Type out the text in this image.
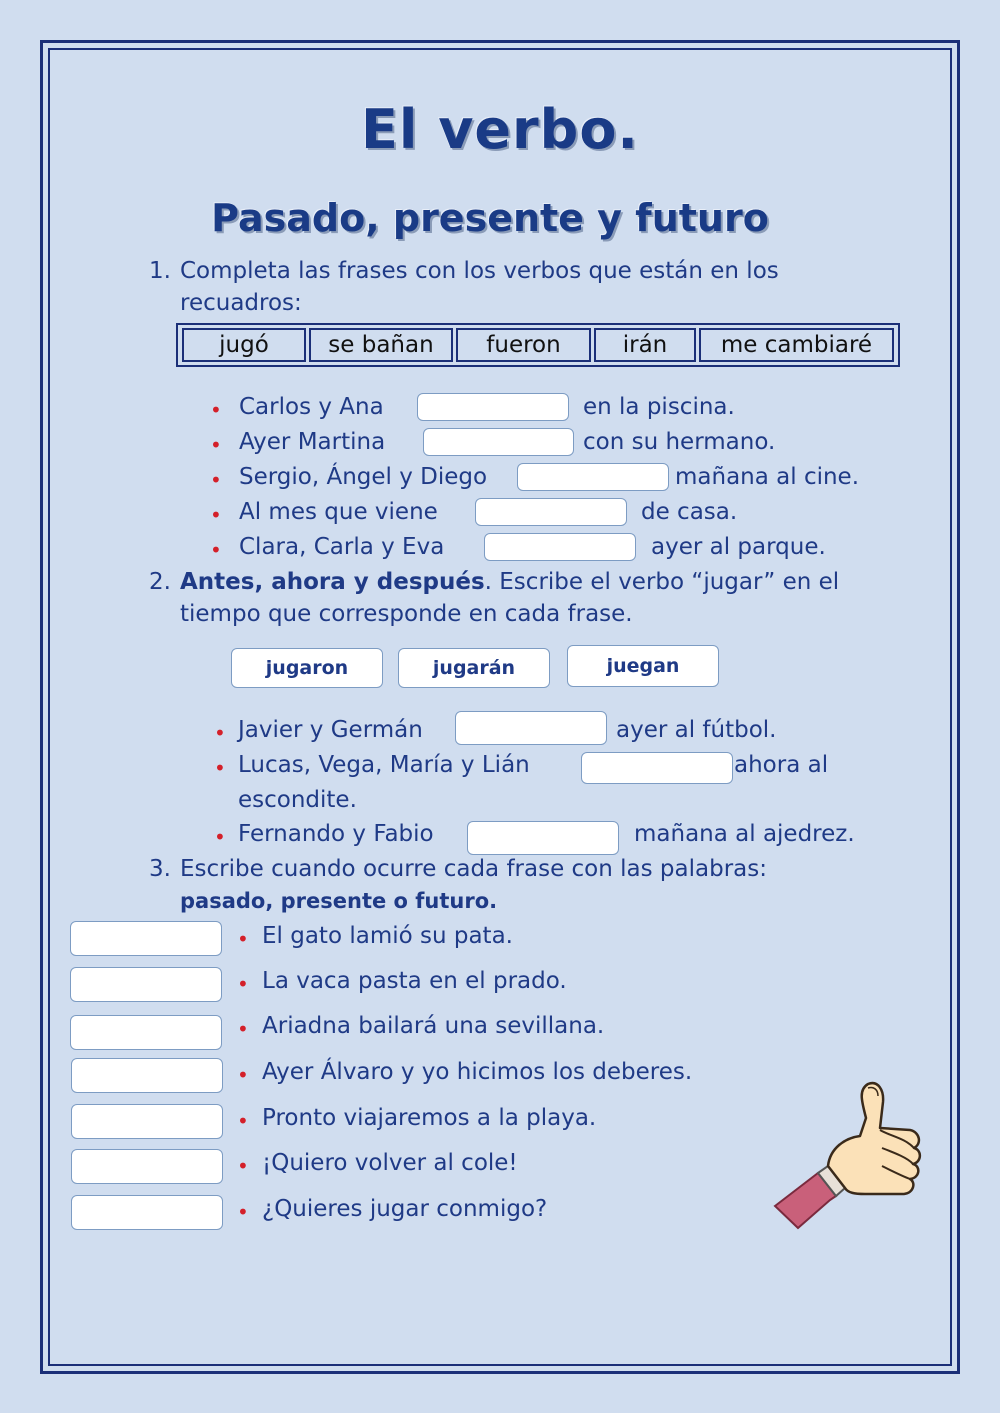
El verbo.
Pasado, presente y futuro
1. Completa las frases con los verbos que están en los
recuadros:
jugó	se bañan	fueron	irán	me cambiaré
• Carlos y Ana	en la piscina.
• Ayer Martina	con su hermano.
• Sergio, Ángel y Diego	mañana al cine.
• Al mes que viene	de casa.
• Clara, Carla y Eva	ayer al parque.
2. Antes, ahora y después. Escribe el verbo “jugar” en el
tiempo que corresponde en cada frase.
jugaron	jugarán	juegan
• Javier y Germán	ayer al fútbol.
• Lucas, Vega, María y Lián	ahora al
escondite.
• Fernando y Fabio	mañana al ajedrez.
3. Escribe cuando ocurre cada frase con las palabras:
pasado, presente o futuro.
• El gato lamió su pata.
• La vaca pasta en el prado.
• Ariadna bailará una sevillana.
• Ayer Álvaro y yo hicimos los deberes.
• Pronto viajaremos a la playa.
• ¡Quiero volver al cole!
• ¿Quieres jugar conmigo?
